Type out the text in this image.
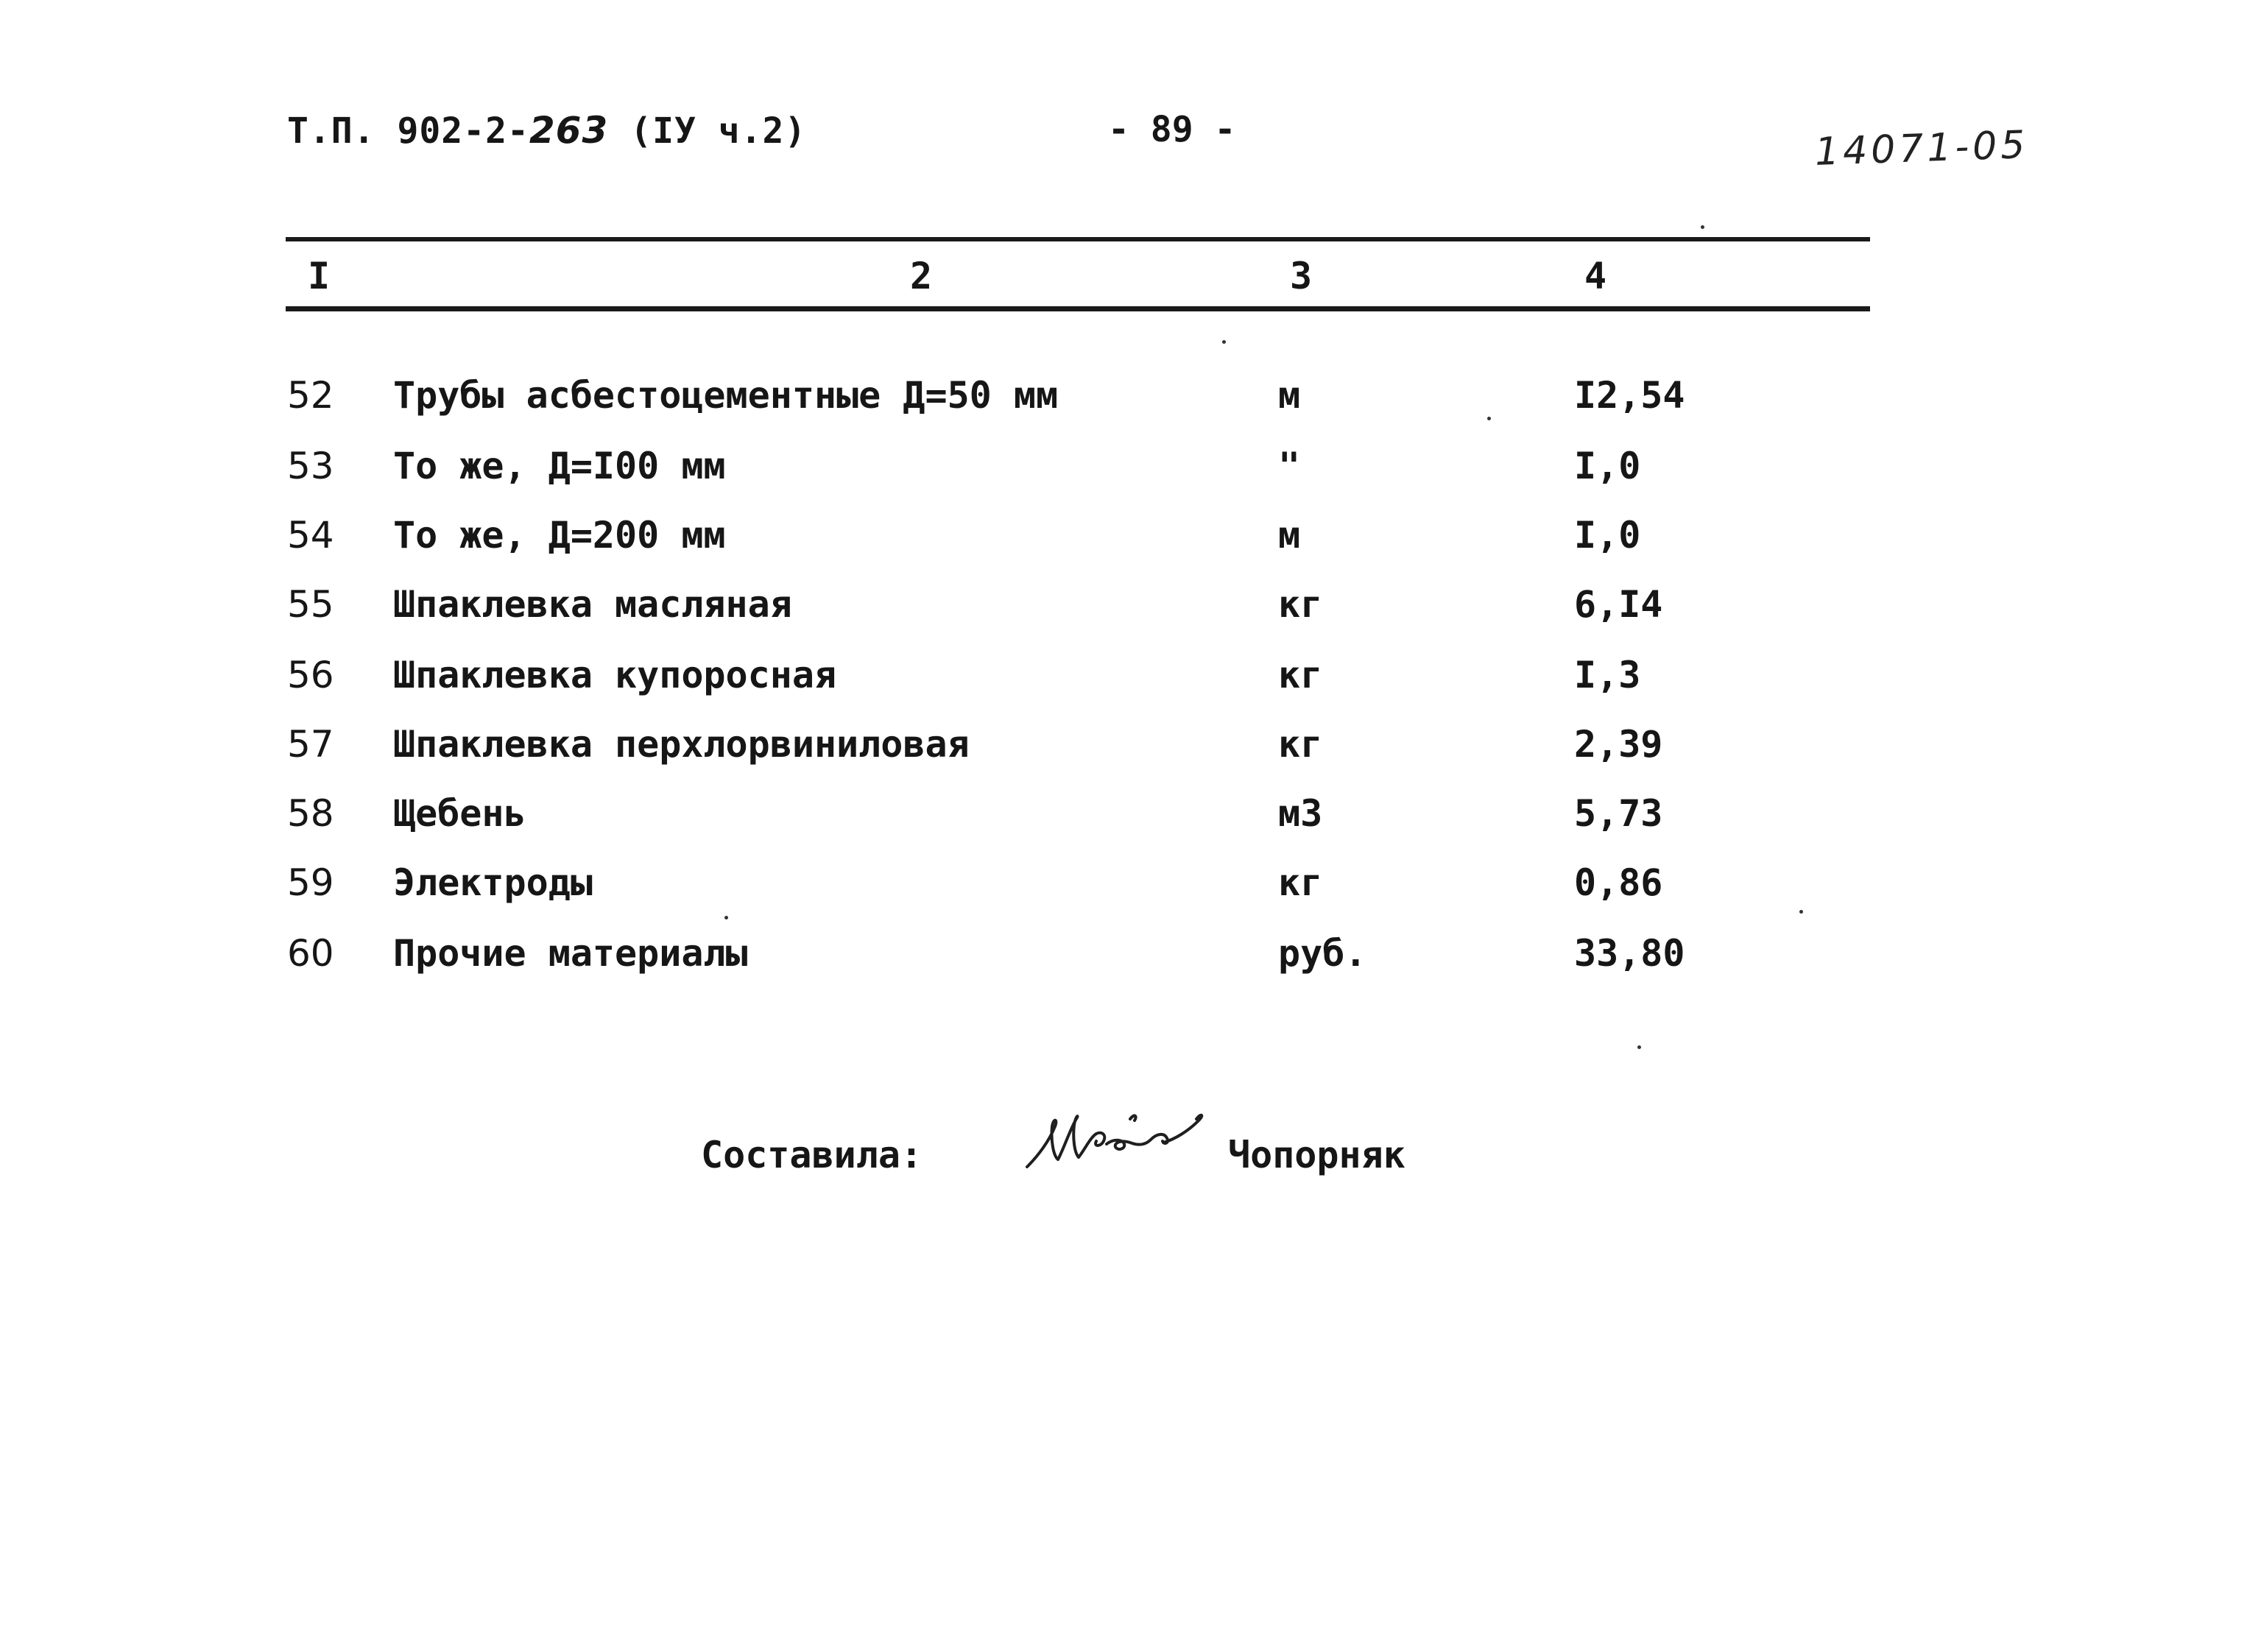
Т.П. 902-2-263 (IУ ч.2)	- 89 -	14071-05
I	2	3	4
52 Трубы асбестоцементные Д=50 мм	м	I2,54
53 То же, Д=I00 мм	"	I,0
54 То же, Д=200 мм	м	I,0
55 Шпаклевка масляная	кг	6,I4
56 Шпаклевка купоросная	кг	I,3
57 Шпаклевка перхлорвиниловая	кг	2,39
58 Щебень	м3	5,73
59 Электроды	кг	0,86
60 Прочие материалы	руб.	33,80
Составила:	Чопорняк
